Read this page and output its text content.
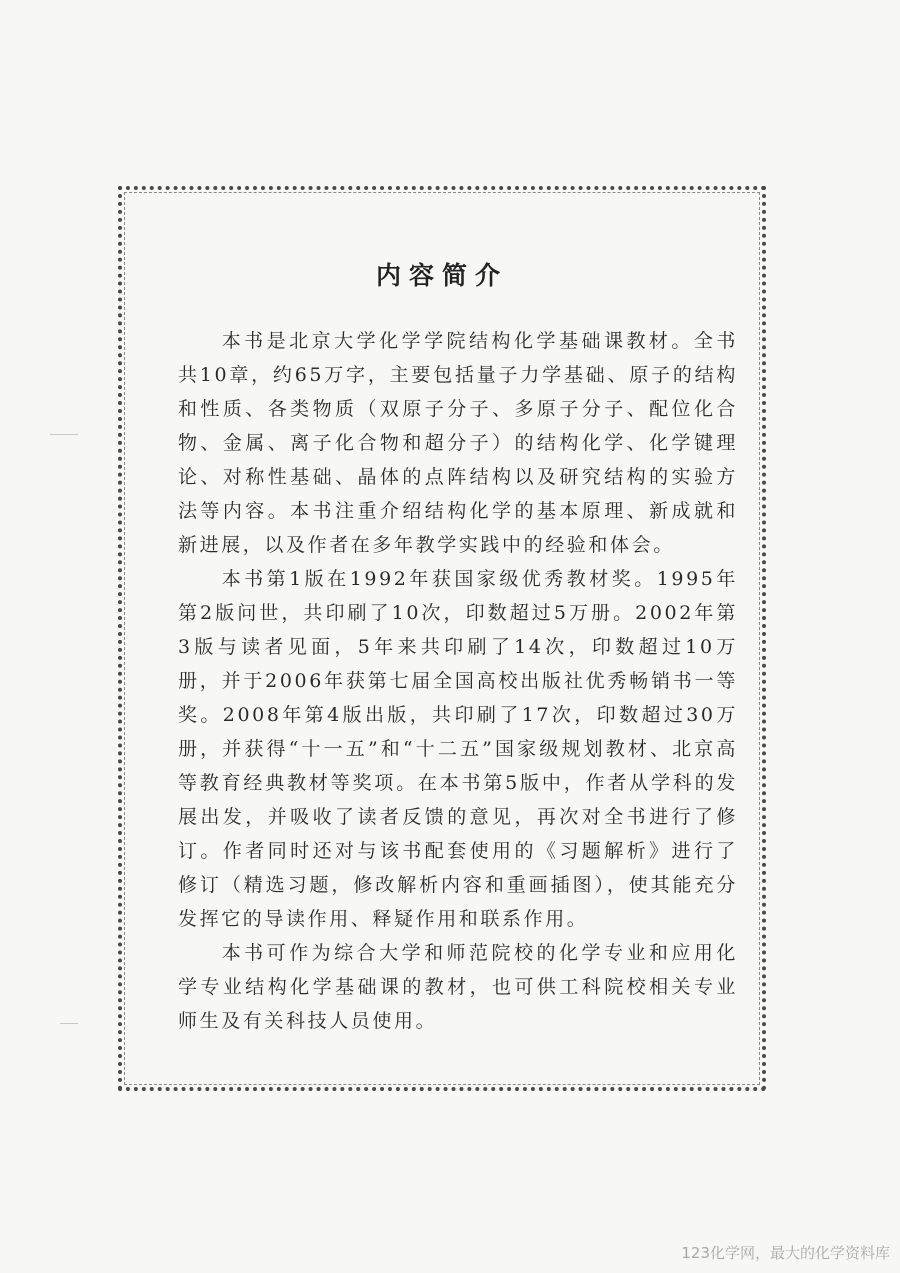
内容简介

本书是北京大学化学学院结构化学基础课教材。全书共10章，约65万字，主要包括量子力学基础、原子的结构和性质、各类物质（双原子分子、多原子分子、配位化合物、金属、离子化合物和超分子）的结构化学、化学键理论、对称性基础、晶体的点阵结构以及研究结构的实验方法等内容。本书注重介绍结构化学的基本原理、新成就和新进展，以及作者在多年教学实践中的经验和体会。

本书第1版在1992年获国家级优秀教材奖。1995年第2版问世，共印刷了10次，印数超过5万册。2002年第3版与读者见面，5年来共印刷了14次，印数超过10万册，并于2006年获第七届全国高校出版社优秀畅销书一等奖。2008年第4版出版，共印刷了17次，印数超过30万册，并获得“十一五”和“十二五”国家级规划教材、北京高等教育经典教材等奖项。在本书第5版中，作者从学科的发展出发，并吸收了读者反馈的意见，再次对全书进行了修订。作者同时还对与该书配套使用的《习题解析》进行了修订（精选习题，修改解析内容和重画插图），使其能充分发挥它的导读作用、释疑作用和联系作用。

本书可作为综合大学和师范院校的化学专业和应用化学专业结构化学基础课的教材，也可供工科院校相关专业师生及有关科技人员使用。

123化学网，最大的化学资料库
